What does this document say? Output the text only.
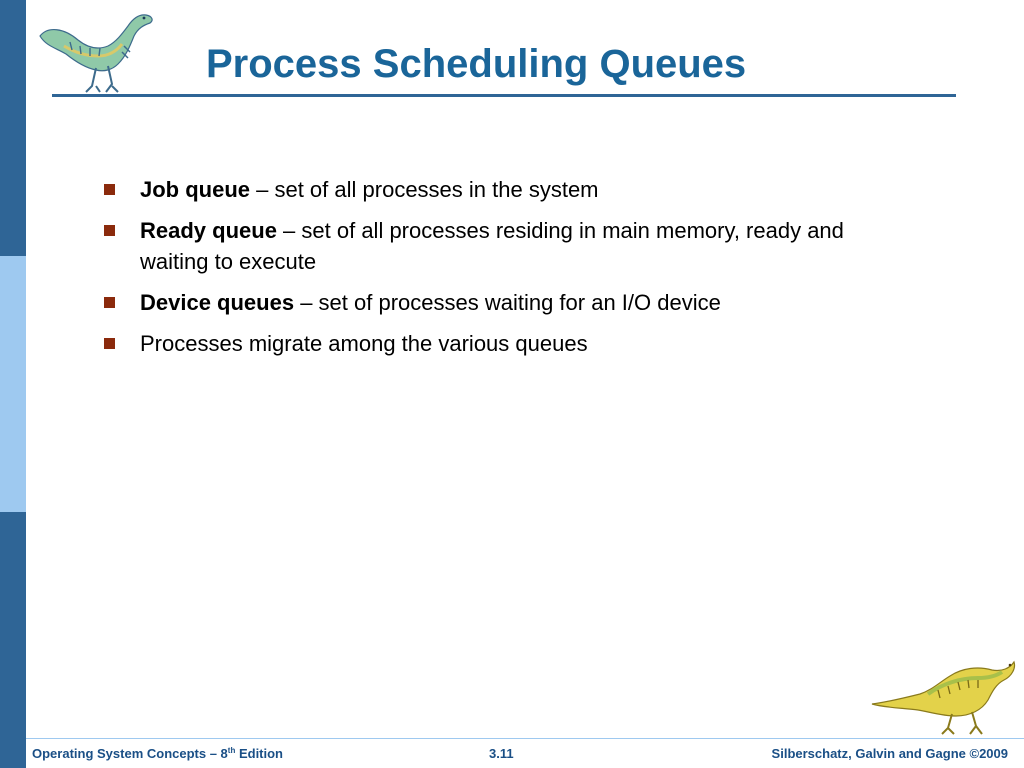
Process Scheduling Queues
Job queue – set of all processes in the system
Ready queue – set of all processes residing in main memory, ready and waiting to execute
Device queues – set of processes waiting for an I/O device
Processes migrate among the various queues
Operating System Concepts – 8th Edition	3.11	Silberschatz, Galvin and Gagne ©2009
